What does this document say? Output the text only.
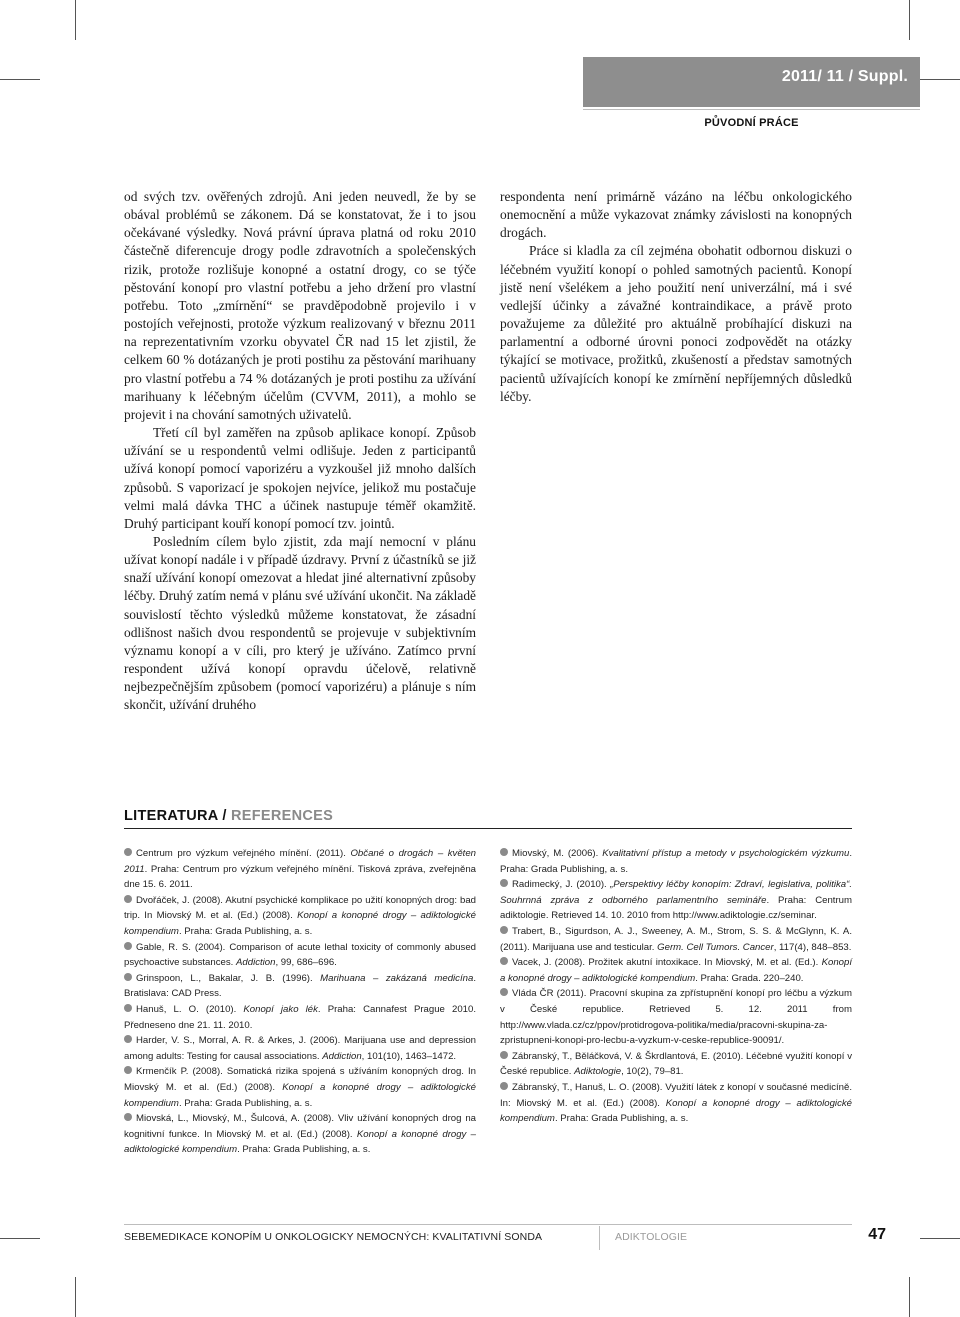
2011/ 11 / Suppl.
PŮVODNÍ PRÁCE

od svých tzv. ověřených zdrojů. Ani jeden neuvedl, že by se obával problémů se zákonem. Dá se konstatovat, že i to jsou očekávané výsledky. Nová právní úprava platná od roku 2010 částečně diferencuje drogy podle zdravotních a společenských rizik, protože rozlišuje konopné a ostatní drogy, co se týče pěstování konopí pro vlastní potřebu a jeho držení pro vlastní potřebu. Toto „zmírnění“ se pravděpodobně projevilo i v postojích veřejnosti, protože výzkum realizovaný v březnu 2011 na reprezentativním vzorku obyvatel ČR nad 15 let zjistil, že celkem 60 % dotázaných je proti postihu za pěstování marihuany pro vlastní potřebu a 74 % dotázaných je proti postihu za užívání marihuany k léčebným účelům (CVVM, 2011), a mohlo se projevit i na chování samotných uživatelů.

Třetí cíl byl zaměřen na způsob aplikace konopí. Způsob užívání se u respondentů velmi odlišuje. Jeden z participantů užívá konopí pomocí vaporizéru a vyzkoušel již mnoho dalších způsobů. S vaporizací je spokojen nejvíce, jelikož mu postačuje velmi malá dávka THC a účinek nastupuje téměř okamžitě. Druhý participant kouří konopí pomocí tzv. jointů.

Posledním cílem bylo zjistit, zda mají nemocní v plánu užívat konopí nadále i v případě úzdravy. První z účastníků se již snaží užívání konopí omezovat a hledat jiné alternativní způsoby léčby. Druhý zatím nemá v plánu své užívání ukončit. Na základě souvislostí těchto výsledků můžeme konstatovat, že zásadní odlišnost našich dvou respondentů se projevuje v subjektivním významu konopí a v cíli, pro který je užíváno. Zatímco první respondent užívá konopí opravdu účelově, relativně nejbezpečnějším způsobem (pomocí vaporizéru) a plánuje s ním skončit, užívání druhého

respondenta není primárně vázáno na léčbu onkologického onemocnění a může vykazovat známky závislosti na konopných drogách.

Práce si kladla za cíl zejména obohatit odbornou diskuzi o léčebném využití konopí o pohled samotných pacientů. Konopí jistě není všelékem a jeho použití není univerzální, má i své vedlejší účinky a závažné kontraindikace, a právě proto považujeme za důležité pro aktuálně probíhající diskuzi na parlamentní a odborné úrovni ponoci zodpovědět na otázky týkající se motivace, prožitků, zkušeností a představ samotných pacientů užívajících konopí ke zmírnění nepříjemných důsledků léčby.

LITERATURA / REFERENCES
Centrum pro výzkum veřejného mínění. (2011). Občané o drogách – květen 2011. Praha: Centrum pro výzkum veřejného mínění. Tisková zpráva, zveřejněna dne 15. 6. 2011.
Dvořáček, J. (2008). Akutní psychické komplikace po užití konopných drog: bad trip. In Miovský M. et al. (Ed.) (2008). Konopí a konopné drogy – adiktologické kompendium. Praha: Grada Publishing, a. s.
Gable, R. S. (2004). Comparison of acute lethal toxicity of commonly abused psychoactive substances. Addiction, 99, 686–696.
Grinspoon, L., Bakalar, J. B. (1996). Marihuana – zakázaná medicína. Bratislava: CAD Press.
Hanuš, L. O. (2010). Konopí jako lék. Praha: Cannafest Prague 2010. Předneseno dne 21. 11. 2010.
Harder, V. S., Morral, A. R. & Arkes, J. (2006). Marijuana use and depression among adults: Testing for causal associations. Addiction, 101(10), 1463–1472.
Krmenčík P. (2008). Somatická rizika spojená s užíváním konopných drog. In Miovský M. et al. (Ed.) (2008). Konopí a konopné drogy – adiktologické kompendium. Praha: Grada Publishing, a. s.
Miovská, L., Miovský, M., Šulcová, A. (2008). Vliv užívání konopných drog na kognitivní funkce. In Miovský M. et al. (Ed.) (2008). Konopí a konopné drogy – adiktologické kompendium. Praha: Grada Publishing, a. s.
Miovský, M. (2006). Kvalitativní přístup a metody v psychologickém výzkumu. Praha: Grada Publishing, a. s.
Radimecký, J. (2010). „Perspektivy léčby konopím: Zdraví, legislativa, politika“. Souhrnná zpráva z odborného parlamentního semináře. Praha: Centrum adiktologie. Retrieved 14. 10. 2010 from http://www.adiktologie.cz/seminar.
Trabert, B., Sigurdson, A. J., Sweeney, A. M., Strom, S. S. & McGlynn, K. A. (2011). Marijuana use and testicular. Germ. Cell Tumors. Cancer, 117(4), 848–853.
Vacek, J. (2008). Prožitek akutní intoxikace. In Miovský, M. et al. (Ed.). Konopí a konopné drogy – adiktologické kompendium. Praha: Grada. 220–240.
Vláda ČR (2011). Pracovní skupina za zpřístupnění konopí pro léčbu a výzkum v České republice. Retrieved 5. 12. 2011 from http://www.vlada.cz/cz/ppov/protidrogova-politika/media/pracovni-skupina-za-zpristupneni-konopi-pro-lecbu-a-vyzkum-v-ceske-republice-90091/.
Zábranský, T., Běláčková, V. & Škrdlantová, E. (2010). Léčebné využití konopí v České republice. Adiktologie, 10(2), 79–81.
Zábranský, T., Hanuš, L. O. (2008). Využití látek z konopí v současné medicíně. In: Miovský M. et al. (Ed.) (2008). Konopí a konopné drogy – adiktologické kompendium. Praha: Grada Publishing, a. s.
SEBEMEDIKACE KONOPÍM U ONKOLOGICKY NEMOCNÝCH: KVALITATIVNÍ SONDA	ADIKTOLOGIE	47
